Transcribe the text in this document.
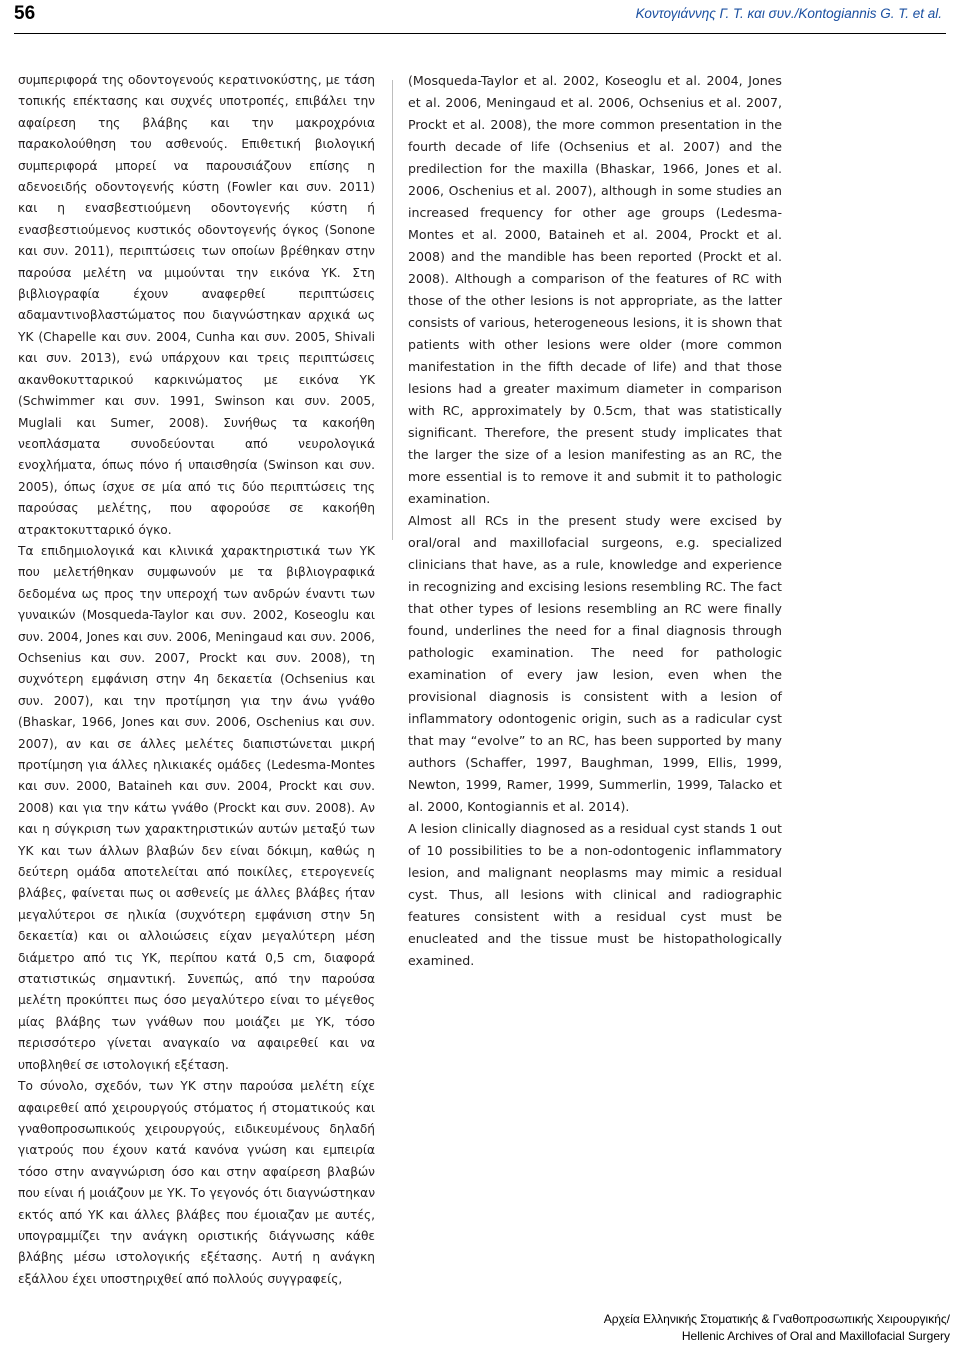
56	Κοντογιάννης Γ. Τ. και συν./Kontogiannis G. T. et al.

συμπεριφορά της οδοντογενούς κερατινοκύστης, με τάση τοπικής επέκτασης και συχνές υποτροπές, επιβάλει την αφαίρεση της βλάβης και την μακροχρόνια παρακολούθηση του ασθενούς. Επιθετική βιολογική συμπεριφορά μπορεί να παρουσιάζουν επίσης η αδενοειδής οδοντογενής κύστη (Fowler και συν. 2011) και η ενασβεστιούμενη οδοντογενής κύστη ή ενασβεστιούμενος κυστικός οδοντογενής όγκος (Sonone και συν. 2011), περιπτώσεις των οποίων βρέθηκαν στην παρούσα μελέτη να μιμούνται την εικόνα ΥΚ. Στη βιβλιογραφία έχουν αναφερθεί περιπτώσεις αδαμαντινοβλαστώματος που διαγνώστηκαν αρχικά ως ΥΚ (Chapelle και συν. 2004, Cunha και συν. 2005, Shivali και συν. 2013), ενώ υπάρχουν και τρεις περιπτώσεις ακανθοκυτταρικού καρκινώματος με εικόνα ΥΚ (Schwimmer και συν. 1991, Swinson και συν. 2005, Muglali και Sumer, 2008). Συνήθως τα κακοήθη νεοπλάσματα συνοδεύονται από νευρολογικά ενοχλήματα, όπως πόνο ή υπαισθησία (Swinson και συν. 2005), όπως ίσχυε σε μία από τις δύο περιπτώσεις της παρούσας μελέτης, που αφορούσε σε κακοήθη ατρακτοκυτταρικό όγκο.

Τα επιδημιολογικά και κλινικά χαρακτηριστικά των ΥΚ που μελετήθηκαν συμφωνούν με τα βιβλιογραφικά δεδομένα ως προς την υπεροχή των ανδρών έναντι των γυναικών (Mosqueda-Taylor και συν. 2002, Koseoglu και συν. 2004, Jones και συν. 2006, Meningaud και συν. 2006, Ochsenius και συν. 2007, Prockt και συν. 2008), τη συχνότερη εμφάνιση στην 4η δεκαετία (Ochsenius και συν. 2007), και την προτίμηση για την άνω γνάθο (Bhaskar, 1966, Jones και συν. 2006, Oschenius και συν. 2007), αν και σε άλλες μελέτες διαπιστώνεται μικρή προτίμηση για άλλες ηλικιακές ομάδες (Ledesma-Montes και συν. 2000, Bataineh και συν. 2004, Prockt και συν. 2008) και για την κάτω γνάθο (Prockt και συν. 2008). Αν και η σύγκριση των χαρακτηριστικών αυτών μεταξύ των ΥΚ και των άλλων βλαβών δεν είναι δόκιμη, καθώς η δεύτερη ομάδα αποτελείται από ποικίλες, ετερογενείς βλάβες, φαίνεται πως οι ασθενείς με άλλες βλάβες ήταν μεγαλύτεροι σε ηλικία (συχνότερη εμφάνιση στην 5η δεκαετία) και οι αλλοιώσεις είχαν μεγαλύτερη μέση διάμετρο από τις ΥΚ, περίπου κατά 0,5 cm, διαφορά στατιστικώς σημαντική. Συνεπώς, από την παρούσα μελέτη προκύπτει πως όσο μεγαλύτερο είναι το μέγεθος μίας βλάβης των γνάθων που μοιάζει με ΥΚ, τόσο περισσότερο γίνεται αναγκαίο να αφαιρεθεί και να υποβληθεί σε ιστολογική εξέταση.

Το σύνολο, σχεδόν, των ΥΚ στην παρούσα μελέτη είχε αφαιρεθεί από χειρουργούς στόματος ή στοματικούς και γναθοπροσωπικούς χειρουργούς, ειδικευμένους δηλαδή γιατρούς που έχουν κατά κανόνα γνώση και εμπειρία τόσο στην αναγνώριση όσο και στην αφαίρεση βλαβών που είναι ή μοιάζουν με ΥΚ. Το γεγονός ότι διαγνώστηκαν εκτός από ΥΚ και άλλες βλάβες που έμοιαζαν με αυτές, υπογραμμίζει την ανάγκη οριστικής διάγνωσης κάθε βλάβης μέσω ιστολογικής εξέτασης. Αυτή η ανάγκη εξάλλου έχει υποστηριχθεί από πολλούς συγγραφείς,

(Mosqueda-Taylor et al. 2002, Koseoglu et al. 2004, Jones et al. 2006, Meningaud et al. 2006, Ochsenius et al. 2007, Prockt et al. 2008), the more common presentation in the fourth decade of life (Ochsenius et al. 2007) and the predilection for the maxilla (Bhaskar, 1966, Jones et al. 2006, Oschenius et al. 2007), although in some studies an increased frequency for other age groups (Ledesma-Montes et al. 2000, Bataineh et al. 2004, Prockt et al. 2008) and the mandible has been reported (Prockt et al. 2008). Although a comparison of the features of RC with those of the other lesions is not appropriate, as the latter consists of various, heterogeneous lesions, it is shown that patients with other lesions were older (more common manifestation in the fifth decade of life) and that those lesions had a greater maximum diameter in comparison with RC, approximately by 0.5cm, that was statistically significant. Therefore, the present study implicates that the larger the size of a lesion manifesting as an RC, the more essential is to remove it and submit it to pathologic examination.

Almost all RCs in the present study were excised by oral/oral and maxillofacial surgeons, e.g. specialized clinicians that have, as a rule, knowledge and experience in recognizing and excising lesions resembling RC. The fact that other types of lesions resembling an RC were finally found, underlines the need for a final diagnosis through pathologic examination. The need for pathologic examination of every jaw lesion, even when the provisional diagnosis is consistent with a lesion of inflammatory odontogenic origin, such as a radicular cyst that may “evolve” to an RC, has been supported by many authors (Schaffer, 1997, Baughman, 1999, Ellis, 1999, Newton, 1999, Ramer, 1999, Summerlin, 1999, Talacko et al. 2000, Kontogiannis et al. 2014).

A lesion clinically diagnosed as a residual cyst stands 1 out of 10 possibilities to be a non-odontogenic inflammatory lesion, and malignant neoplasms may mimic a residual cyst. Thus, all lesions with clinical and radiographic features consistent with a residual cyst must be enucleated and the tissue must be histopathologically examined.

Αρχεία Ελληνικής Στοματικής & Γναθοπροσωπικής Χειρουργικής/
Hellenic Archives of Oral and Maxillofacial Surgery
